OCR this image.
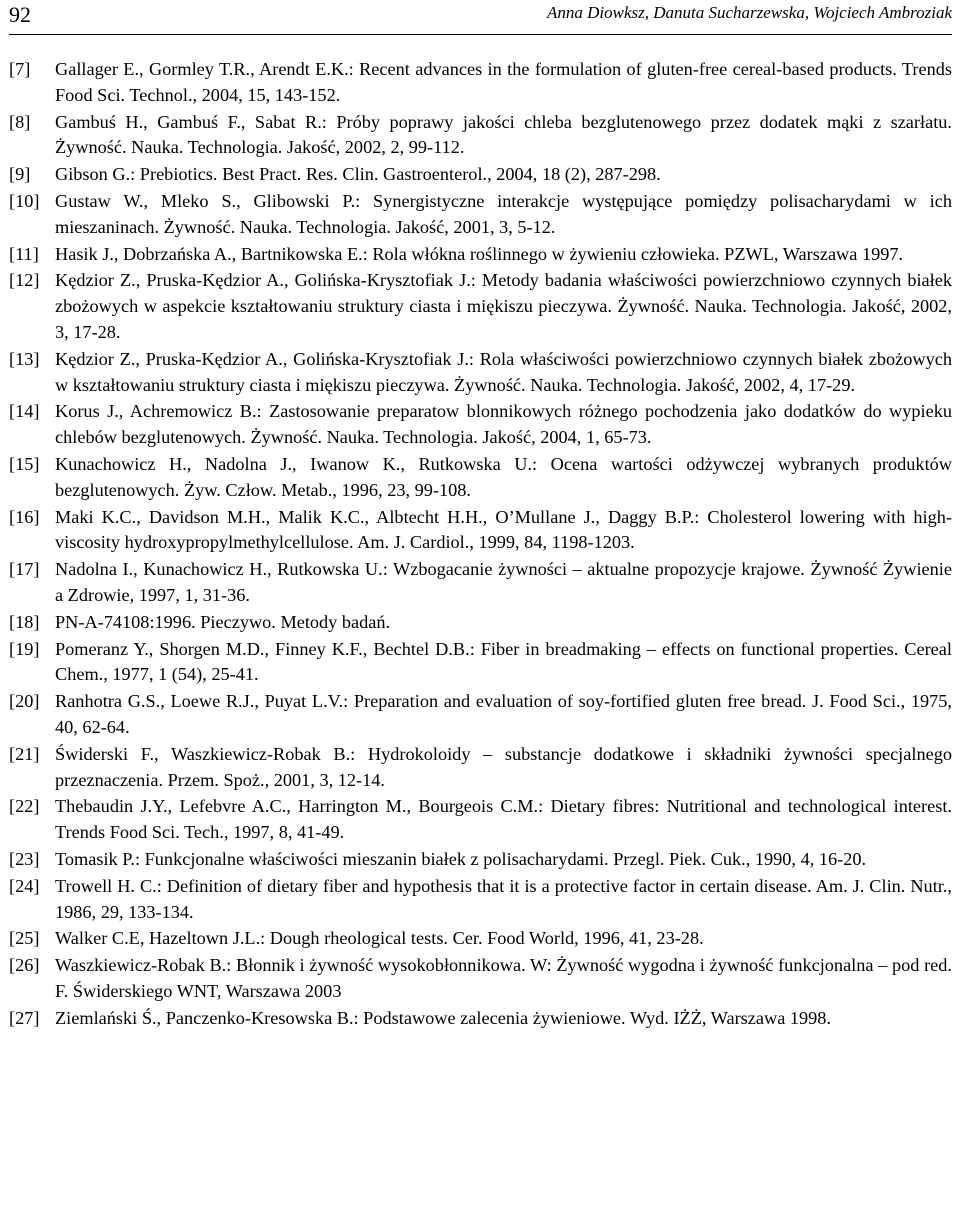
92	Anna Diowksz, Danuta Sucharzewska, Wojciech Ambroziak
[7]	Gallager E., Gormley T.R., Arendt E.K.: Recent advances in the formulation of gluten-free cereal-based products. Trends Food Sci. Technol., 2004, 15, 143-152.
[8]	Gambuś H., Gambuś F., Sabat R.: Próby poprawy jakości chleba bezglutenowego przez dodatek mąki z szarłatu. Żywność. Nauka. Technologia. Jakość, 2002, 2, 99-112.
[9]	Gibson G.: Prebiotics. Best Pract. Res. Clin. Gastroenterol., 2004, 18 (2), 287-298.
[10] Gustaw W., Mleko S., Glibowski P.: Synergistyczne interakcje występujące pomiędzy polisacharydami w ich mieszaninach. Żywność. Nauka. Technologia. Jakość, 2001, 3, 5-12.
[11] Hasik J., Dobrzańska A., Bartnikowska E.: Rola włókna roślinnego w żywieniu człowieka. PZWL, Warszawa 1997.
[12] Kędzior Z., Pruska-Kędzior A., Golińska-Krysztofiak J.: Metody badania właściwości powierzchniowo czynnych białek zbożowych w aspekcie kształtowaniu struktury ciasta i miękiszu pieczywa. Żywność. Nauka. Technologia. Jakość, 2002, 3, 17-28.
[13] Kędzior Z., Pruska-Kędzior A., Golińska-Krysztofiak J.: Rola właściwości powierzchniowo czynnych białek zbożowych w kształtowaniu struktury ciasta i miękiszu pieczywa. Żywność. Nauka. Technologia. Jakość, 2002, 4, 17-29.
[14] Korus J., Achremowicz B.: Zastosowanie preparatow blonnikowych różnego pochodzenia jako dodatków do wypieku chlebów bezglutenowych. Żywność. Nauka. Technologia. Jakość, 2004, 1, 65-73.
[15] Kunachowicz H., Nadolna J., Iwanow K., Rutkowska U.: Ocena wartości odżywczej wybranych produktów bezglutenowych. Żyw. Człow. Metab., 1996, 23, 99-108.
[16] Maki K.C., Davidson M.H., Malik K.C., Albtecht H.H., O’Mullane J., Daggy B.P.: Cholesterol lowering with high-viscosity hydroxypropylmethylcellulose. Am. J. Cardiol., 1999, 84, 1198-1203.
[17] Nadolna I., Kunachowicz H., Rutkowska U.: Wzbogacanie żywności – aktualne propozycje krajowe. Żywność Żywienie a Zdrowie, 1997, 1, 31-36.
[18] PN-A-74108:1996. Pieczywo. Metody badań.
[19] Pomeranz Y., Shorgen M.D., Finney K.F., Bechtel D.B.: Fiber in breadmaking – effects on functional properties. Cereal Chem., 1977, 1 (54), 25-41.
[20] Ranhotra G.S., Loewe R.J., Puyat L.V.: Preparation and evaluation of soy-fortified gluten free bread. J. Food Sci., 1975, 40, 62-64.
[21] Świderski F., Waszkiewicz-Robak B.: Hydrokoloidy – substancje dodatkowe i składniki żywności specjalnego przeznaczenia. Przem. Spoż., 2001, 3, 12-14.
[22] Thebaudin J.Y., Lefebvre A.C., Harrington M., Bourgeois C.M.: Dietary fibres: Nutritional and technological interest. Trends Food Sci. Tech., 1997, 8, 41-49.
[23] Tomasik P.: Funkcjonalne właściwości mieszanin białek z polisacharydami. Przegl. Piek. Cuk., 1990, 4, 16-20.
[24] Trowell H. C.: Definition of dietary fiber and hypothesis that it is a protective factor in certain disease. Am. J. Clin. Nutr., 1986, 29, 133-134.
[25] Walker C.E, Hazeltown J.L.: Dough rheological tests. Cer. Food World, 1996, 41, 23-28.
[26] Waszkiewicz-Robak B.: Błonnik i żywność wysokobłonnikowa. W: Żywność wygodna i żywność funkcjonalna – pod red. F. Świderskiego WNT, Warszawa 2003
[27] Ziemlański Ś., Panczenko-Kresowska B.: Podstawowe zalecenia żywieniowe. Wyd. IŻŻ, Warszawa 1998.
